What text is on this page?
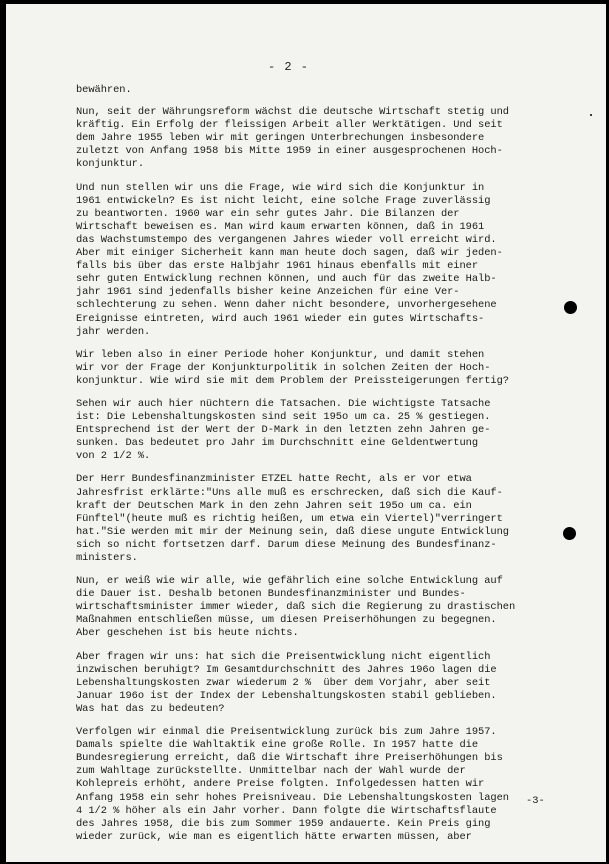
- 2 -

bewähren.

Nun, seit der Währungsreform wächst die deutsche Wirtschaft stetig und
kräftig. Ein Erfolg der fleissigen Arbeit aller Werktätigen. Und seit
dem Jahre 1955 leben wir mit geringen Unterbrechungen insbesondere
zuletzt von Anfang 1958 bis Mitte 1959 in einer ausgesprochenen Hoch-
konjunktur.

Und nun stellen wir uns die Frage, wie wird sich die Konjunktur in
1961 entwickeln? Es ist nicht leicht, eine solche Frage zuverlässig
zu beantworten. 1960 war ein sehr gutes Jahr. Die Bilanzen der
Wirtschaft beweisen es. Man wird kaum erwarten können, daß in 1961
das Wachstumstempo des vergangenen Jahres wieder voll erreicht wird.
Aber mit einiger Sicherheit kann man heute doch sagen, daß wir jeden-
falls bis über das erste Halbjahr 1961 hinaus ebenfalls mit einer
sehr guten Entwicklung rechnen können, und auch für das zweite Halb-
jahr 1961 sind jedenfalls bisher keine Anzeichen für eine Ver-
schlechterung zu sehen. Wenn daher nicht besondere, unvorhergesehene
Ereignisse eintreten, wird auch 1961 wieder ein gutes Wirtschafts-
jahr werden.

Wir leben also in einer Periode hoher Konjunktur, und damit stehen
wir vor der Frage der Konjunkturpolitik in solchen Zeiten der Hoch-
konjunktur. Wie wird sie mit dem Problem der Preissteigerungen fertig?

Sehen wir auch hier nüchtern die Tatsachen. Die wichtigste Tatsache
ist: Die Lebenshaltungskosten sind seit 195o um ca. 25 % gestiegen.
Entsprechend ist der Wert der D-Mark in den letzten zehn Jahren ge-
sunken. Das bedeutet pro Jahr im Durchschnitt eine Geldentwertung
von 2 1/2 %.

Der Herr Bundesfinanzminister ETZEL hatte Recht, als er vor etwa
Jahresfrist erklärte:"Uns alle muß es erschrecken, daß sich die Kauf-
kraft der Deutschen Mark in den zehn Jahren seit 195o um ca. ein
Fünftel"(heute muß es richtig heißen, um etwa ein Viertel)"verringert
hat."Sie werden mit mir der Meinung sein, daß diese ungute Entwicklung
sich so nicht fortsetzen darf. Darum diese Meinung des Bundesfinanz-
ministers.

Nun, er weiß wie wir alle, wie gefährlich eine solche Entwicklung auf
die Dauer ist. Deshalb betonen Bundesfinanzminister und Bundes-
wirtschaftsminister immer wieder, daß sich die Regierung zu drastischen
Maßnahmen entschließen müsse, um diesen Preiserhöhungen zu begegnen.
Aber geschehen ist bis heute nichts.

Aber fragen wir uns: hat sich die Preisentwicklung nicht eigentlich
inzwischen beruhigt? Im Gesamtdurchschnitt des Jahres 196o lagen die
Lebenshaltungskosten zwar wiederum 2 %  über dem Vorjahr, aber seit
Januar 196o ist der Index der Lebenshaltungskosten stabil geblieben.
Was hat das zu bedeuten?

Verfolgen wir einmal die Preisentwicklung zurück bis zum Jahre 1957.
Damals spielte die Wahltaktik eine große Rolle. In 1957 hatte die
Bundesregierung erreicht, daß die Wirtschaft ihre Preiserhöhungen bis
zum Wahltage zurückstellte. Unmittelbar nach der Wahl wurde der
Kohlepreis erhöht, andere Preise folgten. Infolgedessen hatten wir
Anfang 1958 ein sehr hohes Preisniveau. Die Lebenshaltungskosten lagen
4 1/2 % höher als ein Jahr vorher. Dann folgte die Wirtschaftsflaute
des Jahres 1958, die bis zum Sommer 1959 andauerte. Kein Preis ging
wieder zurück, wie man es eigentlich hätte erwarten müssen, aber

-3-
